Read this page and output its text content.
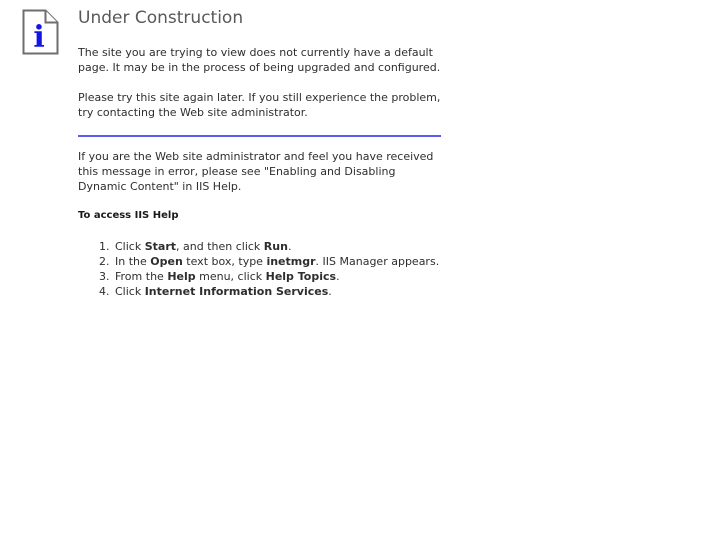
i
Under Construction

The site you are trying to view does not currently have a default page. It may be in the process of being upgraded and configured.

Please try this site again later. If you still experience the problem, try contacting the Web site administrator.

If you are the Web site administrator and feel you have received this message in error, please see "Enabling and Disabling Dynamic Content" in IIS Help.

To access IIS Help
1. Click Start, and then click Run.
2. In the Open text box, type inetmgr. IIS Manager appears.
3. From the Help menu, click Help Topics.
4. Click Internet Information Services.
